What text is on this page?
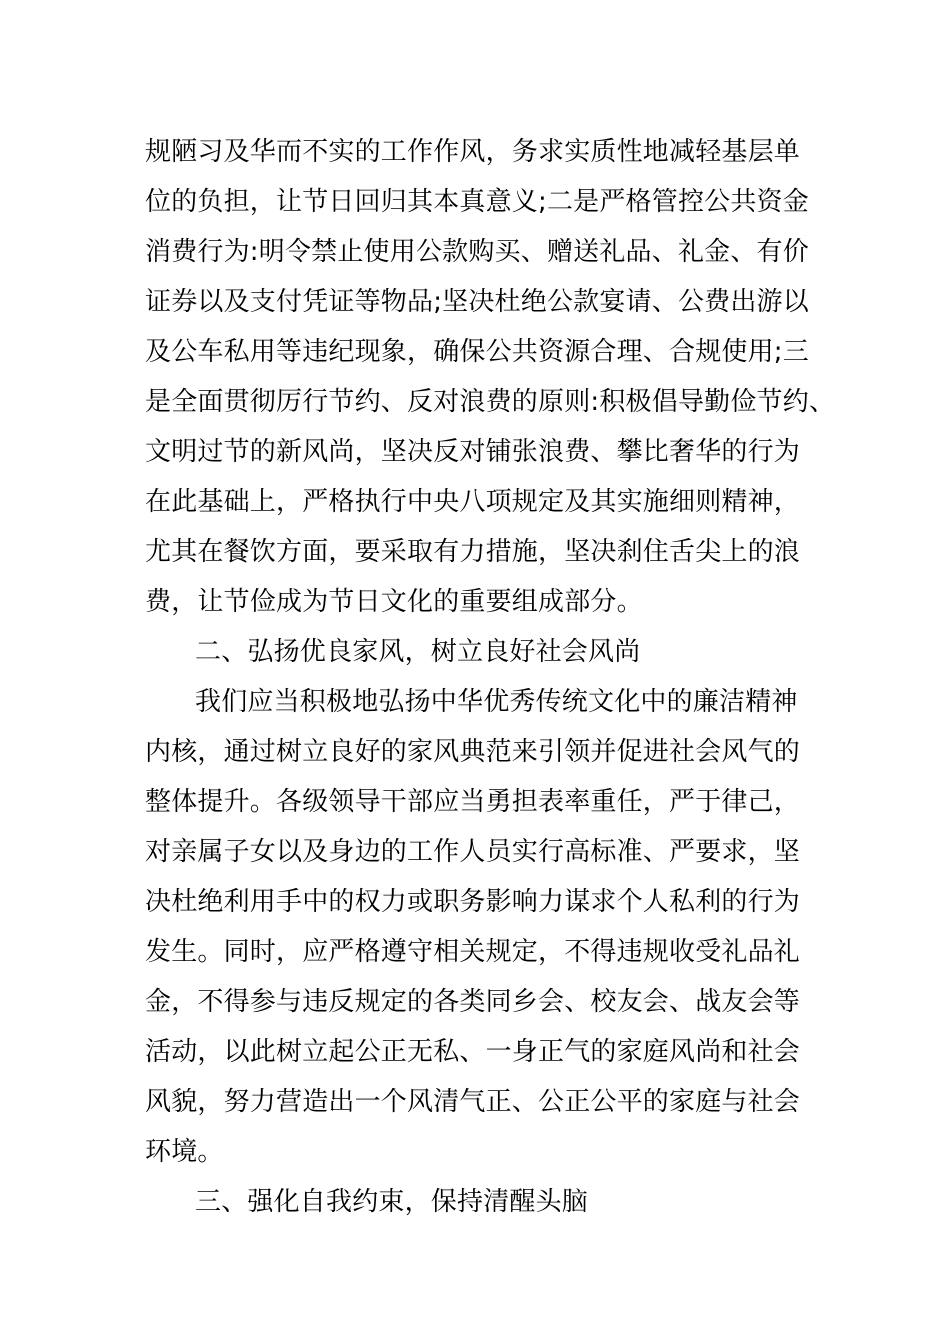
规陋习及华而不实的工作作风，务求实质性地减轻基层单
位的负担，让节日回归其本真意义;二是严格管控公共资金
消费行为:明令禁止使用公款购买、赠送礼品、礼金、有价
证券以及支付凭证等物品;坚决杜绝公款宴请、公费出游以
及公车私用等违纪现象，确保公共资源合理、合规使用;三
是全面贯彻厉行节约、反对浪费的原则:积极倡导勤俭节约、
文明过节的新风尚，坚决反对铺张浪费、攀比奢华的行为
在此基础上，严格执行中央八项规定及其实施细则精神，
尤其在餐饮方面，要采取有力措施，坚决刹住舌尖上的浪
费，让节俭成为节日文化的重要组成部分。
二、弘扬优良家风，树立良好社会风尚
我们应当积极地弘扬中华优秀传统文化中的廉洁精神
内核，通过树立良好的家风典范来引领并促进社会风气的
整体提升。各级领导干部应当勇担表率重任，严于律己，
对亲属子女以及身边的工作人员实行高标准、严要求，坚
决杜绝利用手中的权力或职务影响力谋求个人私利的行为
发生。同时，应严格遵守相关规定，不得违规收受礼品礼
金，不得参与违反规定的各类同乡会、校友会、战友会等
活动，以此树立起公正无私、一身正气的家庭风尚和社会
风貌，努力营造出一个风清气正、公正公平的家庭与社会
环境。
三、强化自我约束，保持清醒头脑
